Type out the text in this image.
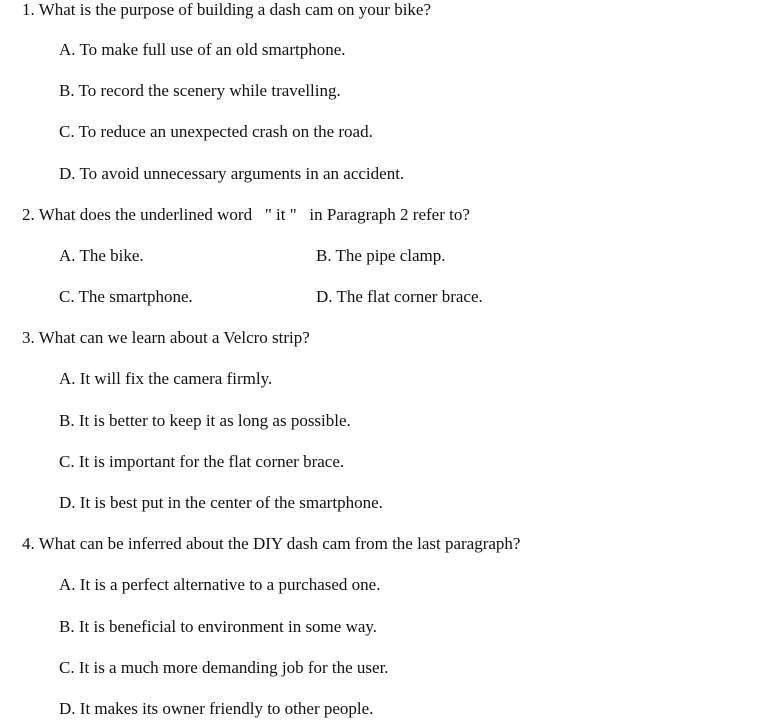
1. What is the purpose of building a dash cam on your bike?
A. To make full use of an old smartphone.
B. To record the scenery while travelling.
C. To reduce an unexpected crash on the road.
D. To avoid unnecessary arguments in an accident.
2. What does the underlined word   " it "   in Paragraph 2 refer to?
A. The bike.	B. The pipe clamp.
C. The smartphone.	D. The flat corner brace.
3. What can we learn about a Velcro strip?
A. It will fix the camera firmly.
B. It is better to keep it as long as possible.
C. It is important for the flat corner brace.
D. It is best put in the center of the smartphone.
4. What can be inferred about the DIY dash cam from the last paragraph?
A. It is a perfect alternative to a purchased one.
B. It is beneficial to environment in some way.
C. It is a much more demanding job for the user.
D. It makes its owner friendly to other people.
